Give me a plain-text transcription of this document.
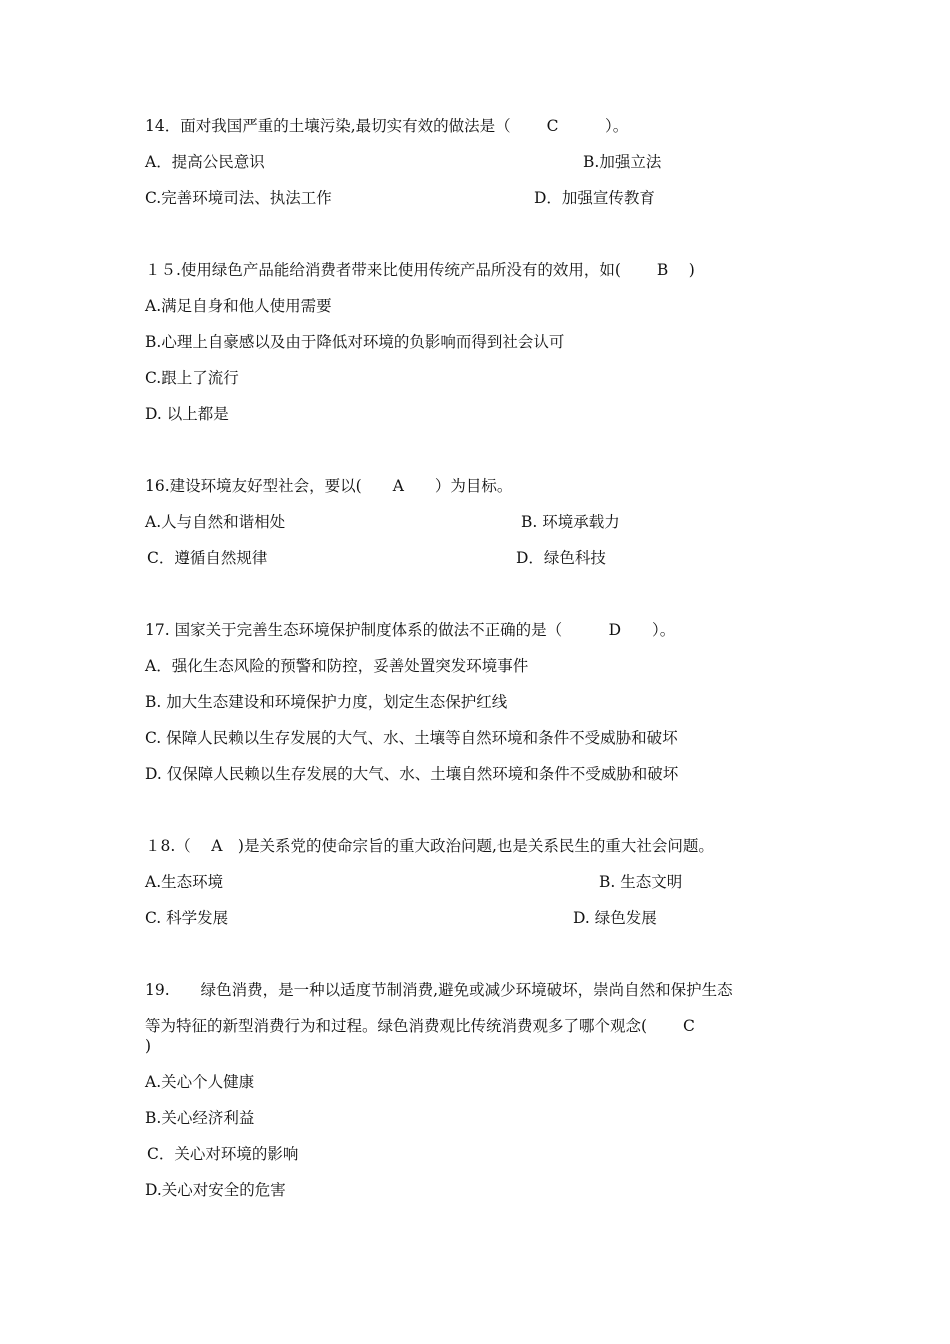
14．面对我国严重的土壤污染,最切实有效的做法是（　　 C　　　）。
A．提高公民意识	B.加强立法
C.完善环境司法、执法工作	D．加强宣传教育
１５.使用绿色产品能给消费者带来比使用传统产品所没有的效用，如(　　 B　 )
A.满足自身和他人使用需要
B.心理上自豪感以及由于降低对环境的负影响而得到社会认可
C.跟上了流行
D. 以上都是
16.建设环境友好型社会，要以(　　A　　）为目标。
A.人与自然和谐相处	B. 环境承载力
C．遵循自然规律	D．绿色科技
17. 国家关于完善生态环境保护制度体系的做法不正确的是（　　　D　　）。
A．强化生态风险的预警和防控，妥善处置突发环境事件
B. 加大生态建设和环境保护力度，划定生态保护红线
C. 保障人民赖以生存发展的大气、水、土壤等自然环境和条件不受威胁和破坏
D. 仅保障人民赖以生存发展的大气、水、土壤自然环境和条件不受威胁和破坏
１8.（　 A　)是关系党的使命宗旨的重大政治问题,也是关系民生的重大社会问题。
A.生态环境	B. 生态文明
C. 科学发展	D. 绿色发展
19.　　绿色消费，是一种以适度节制消费,避免或减少环境破坏，崇尚自然和保护生态
等为特征的新型消费行为和过程。绿色消费观比传统消费观多了哪个观念(　　 C
)
A.关心个人健康
B.关心经济利益
C．关心对环境的影响
D.关心对安全的危害
